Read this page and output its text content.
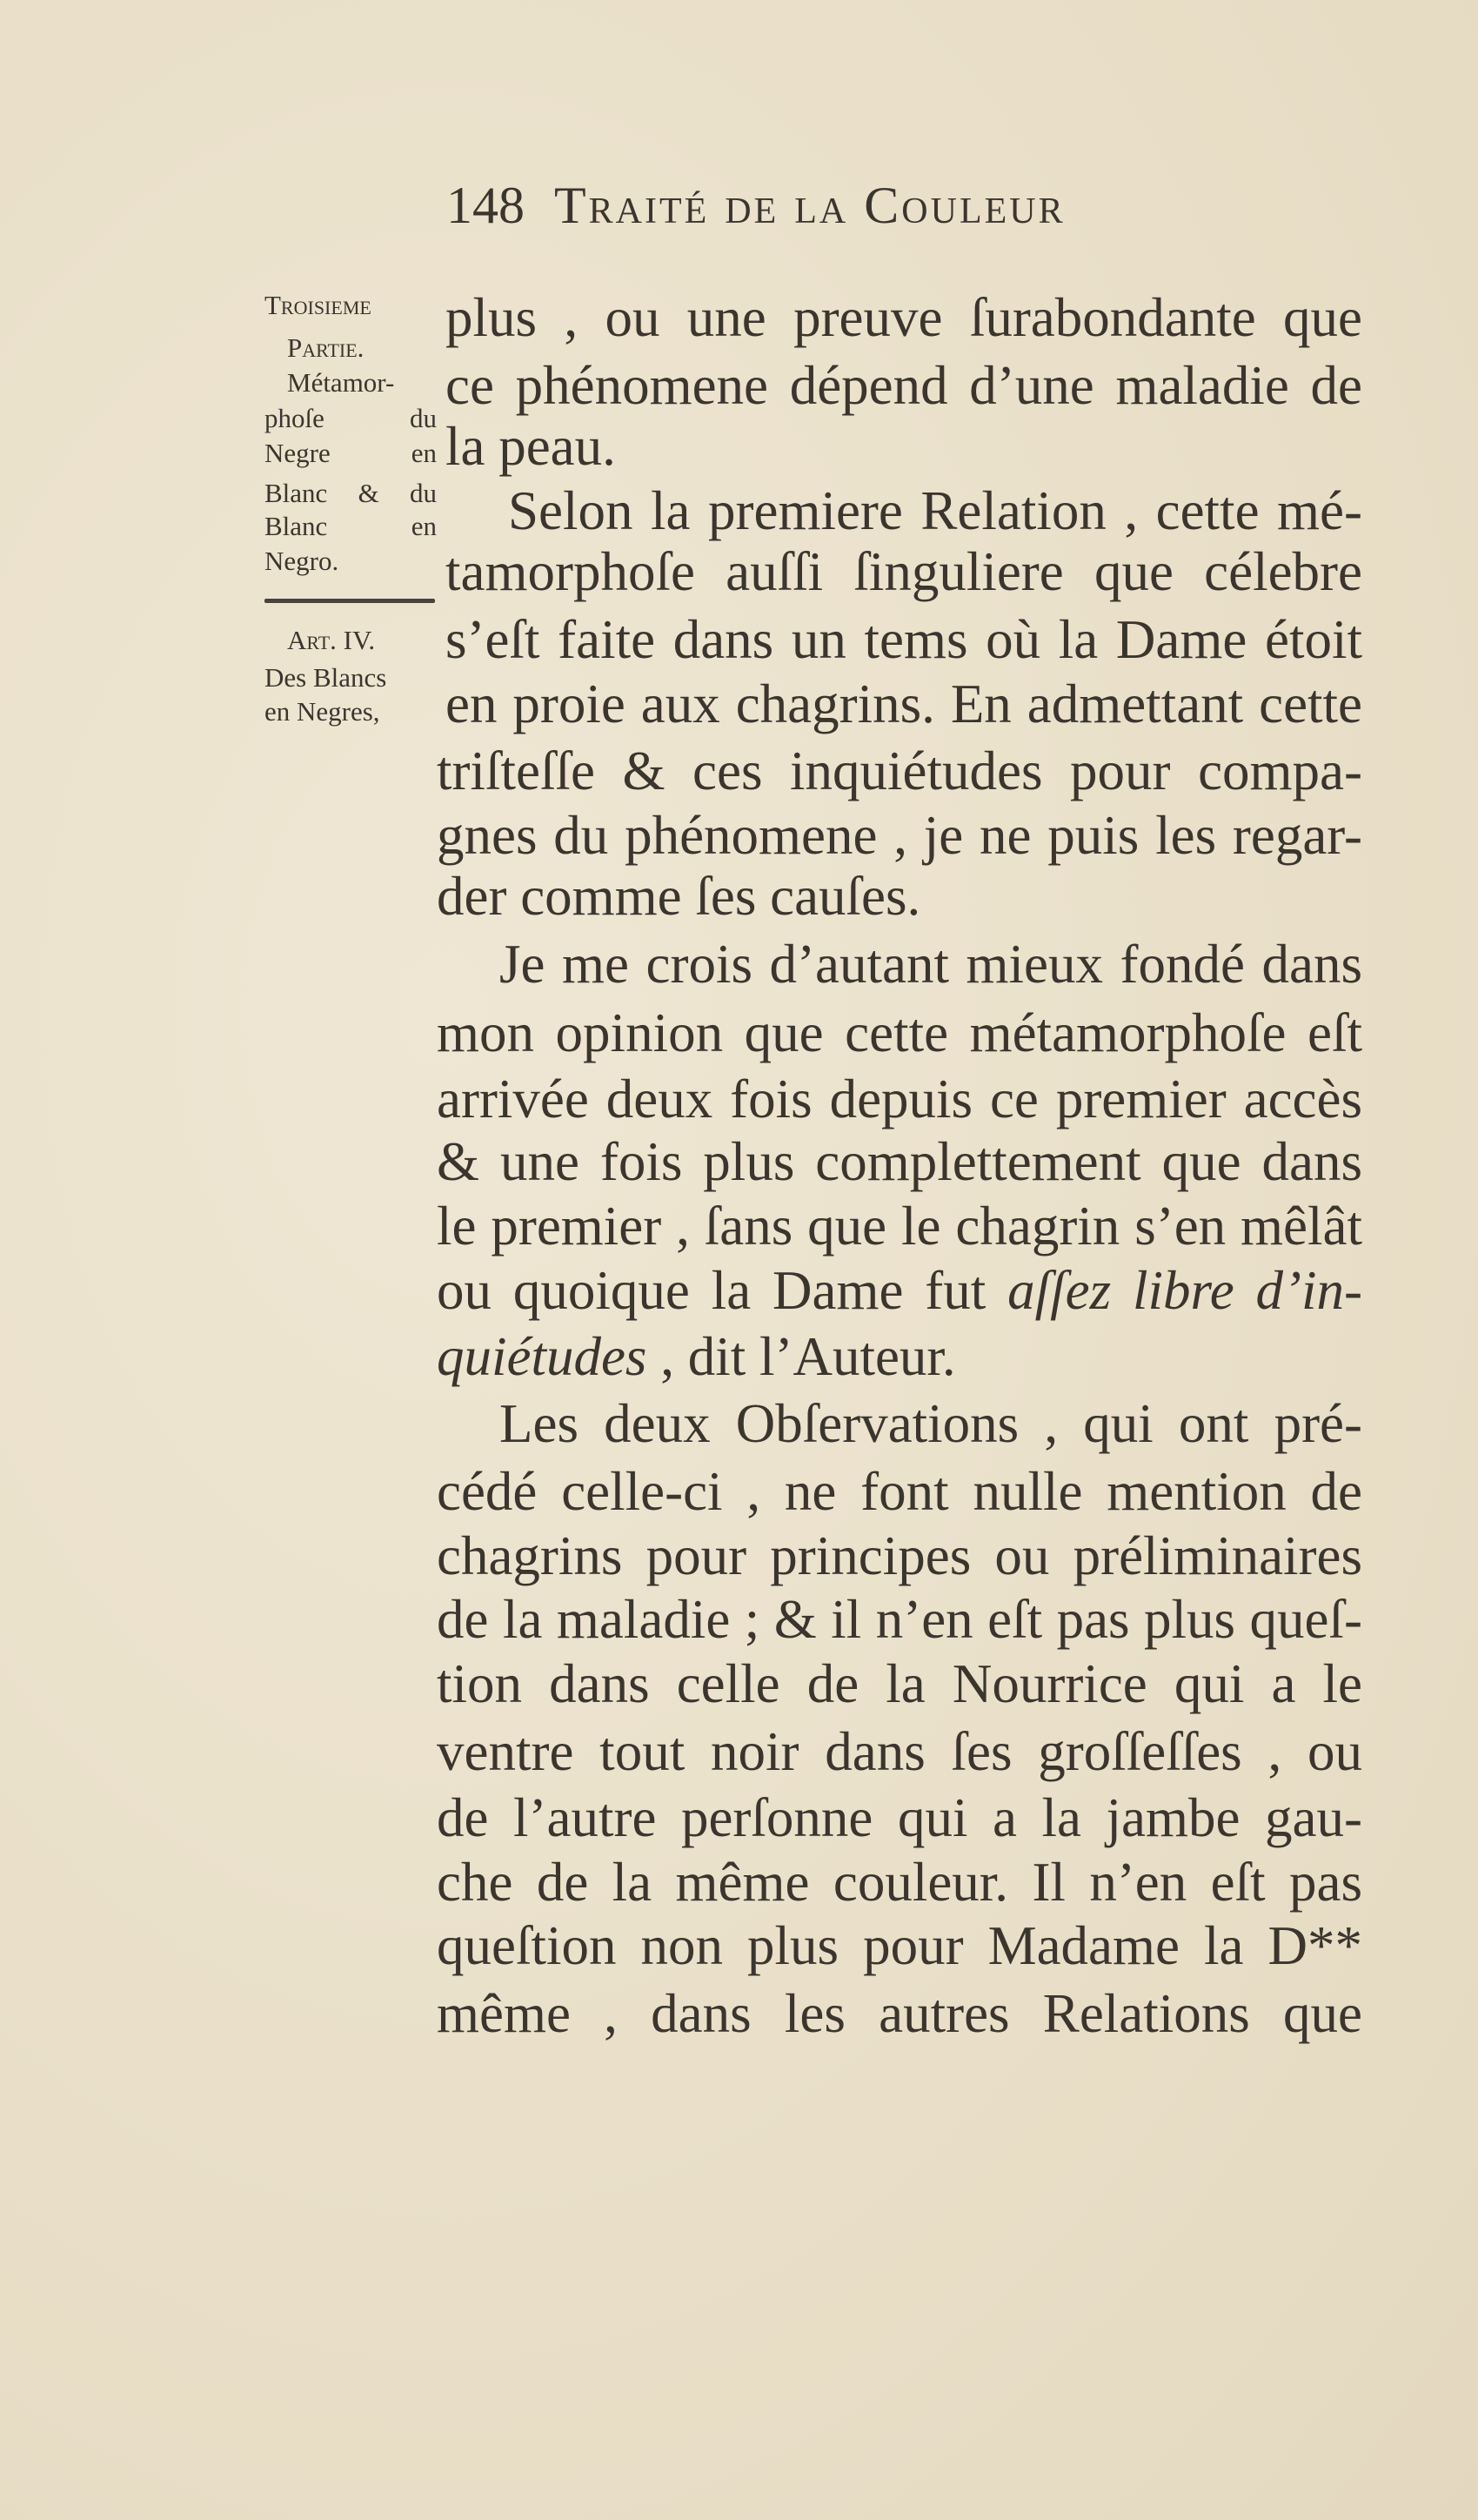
148 Traité de la Couleur
Troisieme
Partie.
Métamor-
phoſe du
Negre en
Blanc & du
Blanc en
Negro.
Art. IV.
Des Blancs
en Negres,
plus , ou une preuve ſurabondante que
ce phénomene dépend d’une maladie de
la peau.
Selon la premiere Relation , cette mé-
tamorphoſe auſſi ſinguliere que célebre
s’eſt faite dans un tems où la Dame étoit
en proie aux chagrins. En admettant cette
triſteſſe & ces inquiétudes pour compa-
gnes du phénomene , je ne puis les regar-
der comme ſes cauſes.
Je me crois d’autant mieux fondé dans
mon opinion que cette métamorphoſe eſt
arrivée deux fois depuis ce premier accès
& une fois plus complettement que dans
le premier , ſans que le chagrin s’en mêlât
ou quoique la Dame fut aſſez libre d’in-
quiétudes , dit l’Auteur.
Les deux Obſervations , qui ont pré-
cédé celle-ci , ne font nulle mention de
chagrins pour principes ou préliminaires
de la maladie ; & il n’en eſt pas plus queſ-
tion dans celle de la Nourrice qui a le
ventre tout noir dans ſes groſſeſſes , ou
de l’autre perſonne qui a la jambe gau-
che de la même couleur. Il n’en eſt pas
queſtion non plus pour Madame la D**
même , dans les autres Relations que
